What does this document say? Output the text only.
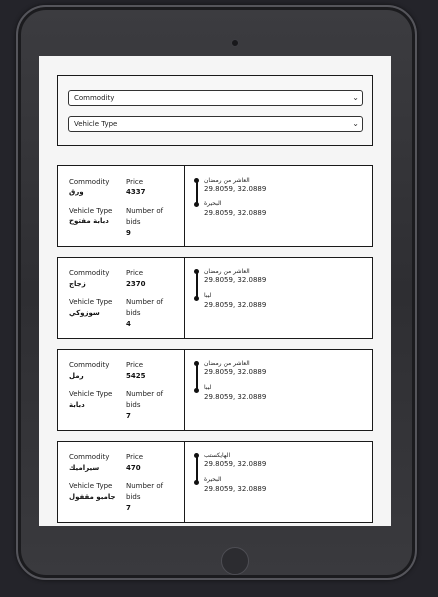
Commodity	⌄
Vehicle Type	⌄
Commodity
ورق
Price
4337
Vehicle Type
دبابة مفتوح
Number of
bids
9
العاشر من رمضان
29.8059, 32.0889
البحيرة
29.8059, 32.0889
Commodity
زجاج
Price
2370
Vehicle Type
سوزوكي
Number of
bids
4
العاشر من رمضان
29.8059, 32.0889
ليبا
29.8059, 32.0889
Commodity
رمل
Price
5425
Vehicle Type
دبابة
Number of
bids
7
العاشر من رمضان
29.8059, 32.0889
ليبا
29.8059, 32.0889
Commodity
سيراميك
Price
470
Vehicle Type
جامبو مقفول
Number of
bids
7
الهايكستب
29.8059, 32.0889
البحيرة
29.8059, 32.0889
